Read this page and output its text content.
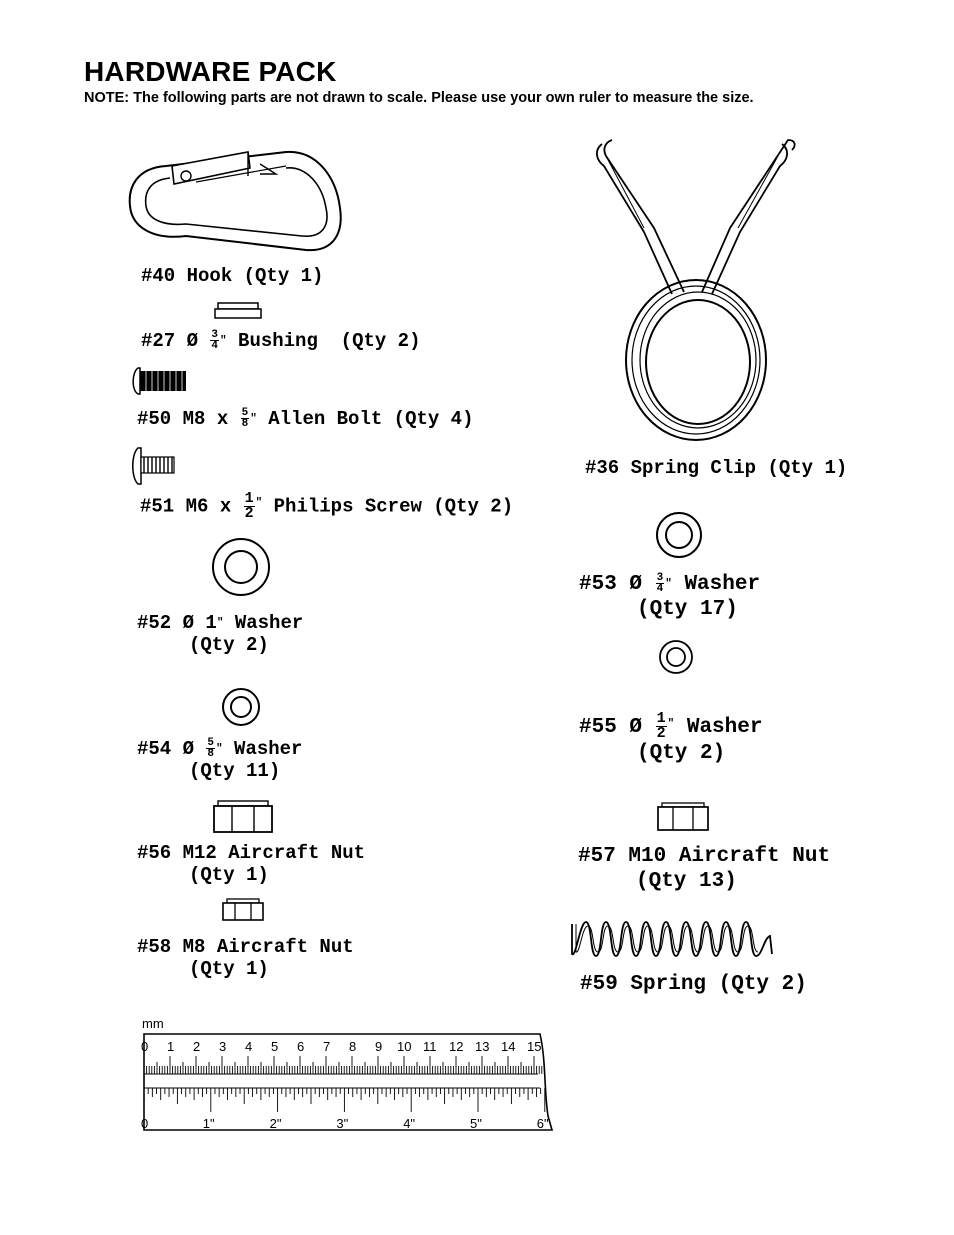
HARDWARE PACK
NOTE: The following parts are not drawn to scale. Please use your own ruler to measure the size.
#40 Hook (Qty 1)
#27 Ø $\frac{3}{4} ^"$ Bushing  (Qty 2)
#50 M8 x $\frac{5}{8} ^"$ Allen Bolt (Qty 4)
#51 M6 x $\frac{1}{2} ^"$ Philips Screw (Qty 2)
#52 Ø 1" Washer
(Qty 2)
#54 Ø $\frac{5}{8} ^"$ Washer
(Qty 11)
#56 M12 Aircraft Nut
(Qty 1)
#58 M8 Aircraft Nut
(Qty 1)
#36 Spring Clip (Qty 1)
#53 Ø $\frac{3}{4} ^"$ Washer
(Qty 17)
#55 Ø $\frac{1}{2} ^"$ Washer
(Qty 2)
#57 M10 Aircraft Nut
(Qty 13)
#59 Spring (Qty 2)
mm
0 1 2 3 4 5 6 7 8 9 10 11 12 13 14 15
0	1"	2"	3"	4"	5"	6"
